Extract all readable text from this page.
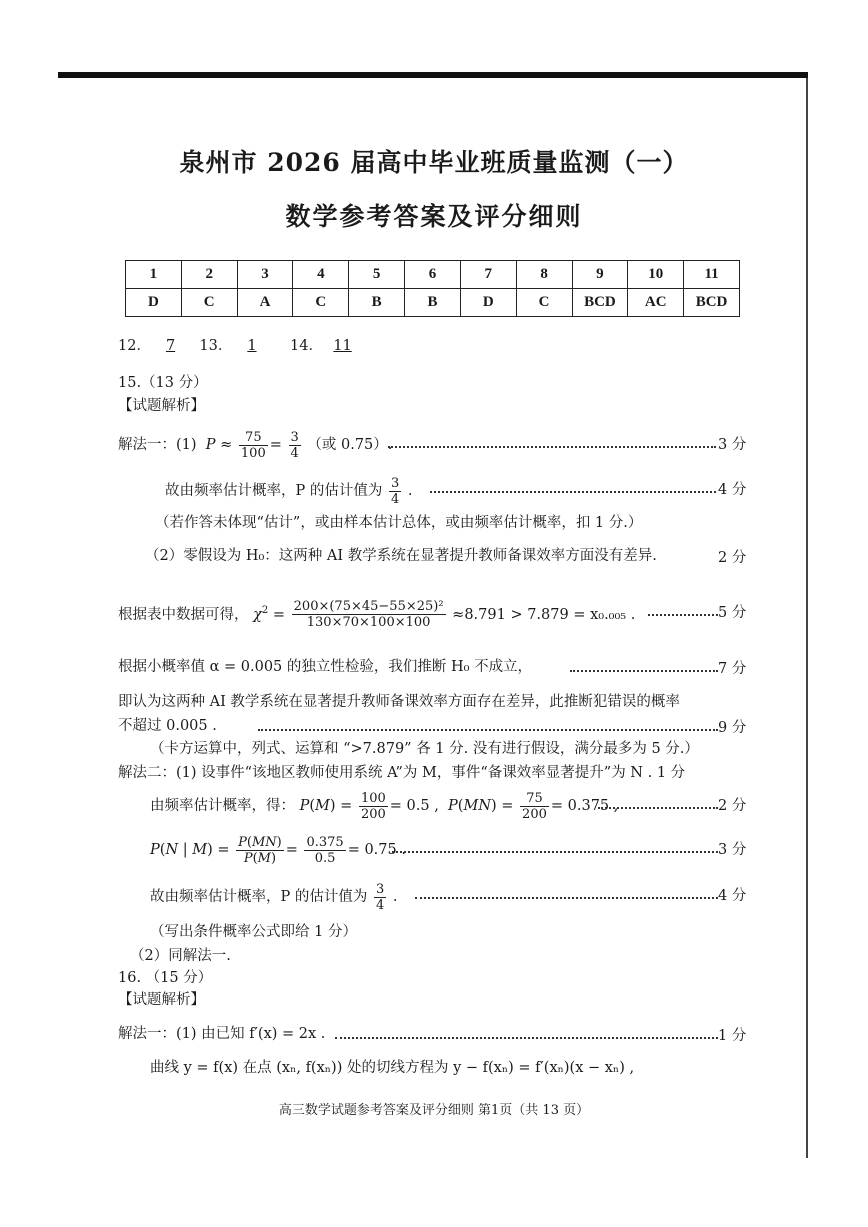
泉州市 2026 届高中毕业班质量监测（一）
数学参考答案及评分细则
1	2	3	4	5	6	7	8	9	10	11
D	C	A	C	B	B	D	C	BCD	AC	BCD
12． 7 13． 1 14． 11
15.（13 分）
【试题解析】
解法一：(1)  $P \approx \frac{75}{100} = \frac{3}{4}$ （或 0.75）.	3 分
故由频率估计概率，P 的估计值为 $\frac{3}{4}$ .	4 分
（若作答未体现“估计”，或由样本估计总体，或由频率估计概率，扣 1 分.）
（2）零假设为 H₀：这两种 AI 教学系统在显著提升教师备课效率方面没有差异.	2 分
根据表中数据可得， $\chi^2 = \frac{\text{200×(75×45−55×25)²}}{130\times 70\times 100\times 100} \approx 8.791 > 7.879 = x_0._{005}$ .	5 分
根据小概率值 α = 0.005 的独立性检验，我们推断 H₀ 不成立，	7 分
即认为这两种 AI 教学系统在显著提升教师备课效率方面存在差异，此推断犯错误的概率
不超过 0.005 .	9 分
（卡方运算中，列式、运算和 “>7.879” 各 1 分. 没有进行假设，满分最多为 5 分.）
解法二：(1) 设事件“该地区教师使用系统 A”为 M，事件“备课效率显著提升”为 N . 1 分
由频率估计概率，得： $P(M) = \frac{100}{200} = 0.5$ ,  $P(MN) = \frac{75}{200} = 0.375$ ,	2 分
P(N | $M) = \frac{P(MN)}{P(M)} = \frac{0.375}{0.5} = 0.75$ .	3 分
故由频率估计概率，P 的估计值为 $\frac{3}{4}$ .	4 分
（写出条件概率公式即给 1 分）
（2）同解法一.
16. （15 分）
【试题解析】
解法一：(1) 由已知 f′(x) = 2x .	1 分
曲线 y = f(x) 在点 (xₙ, f(xₙ)) 处的切线方程为 y − f(xₙ) = f′(xₙ)(x − xₙ) ,
高三数学试题参考答案及评分细则 第1页（共 13 页）
